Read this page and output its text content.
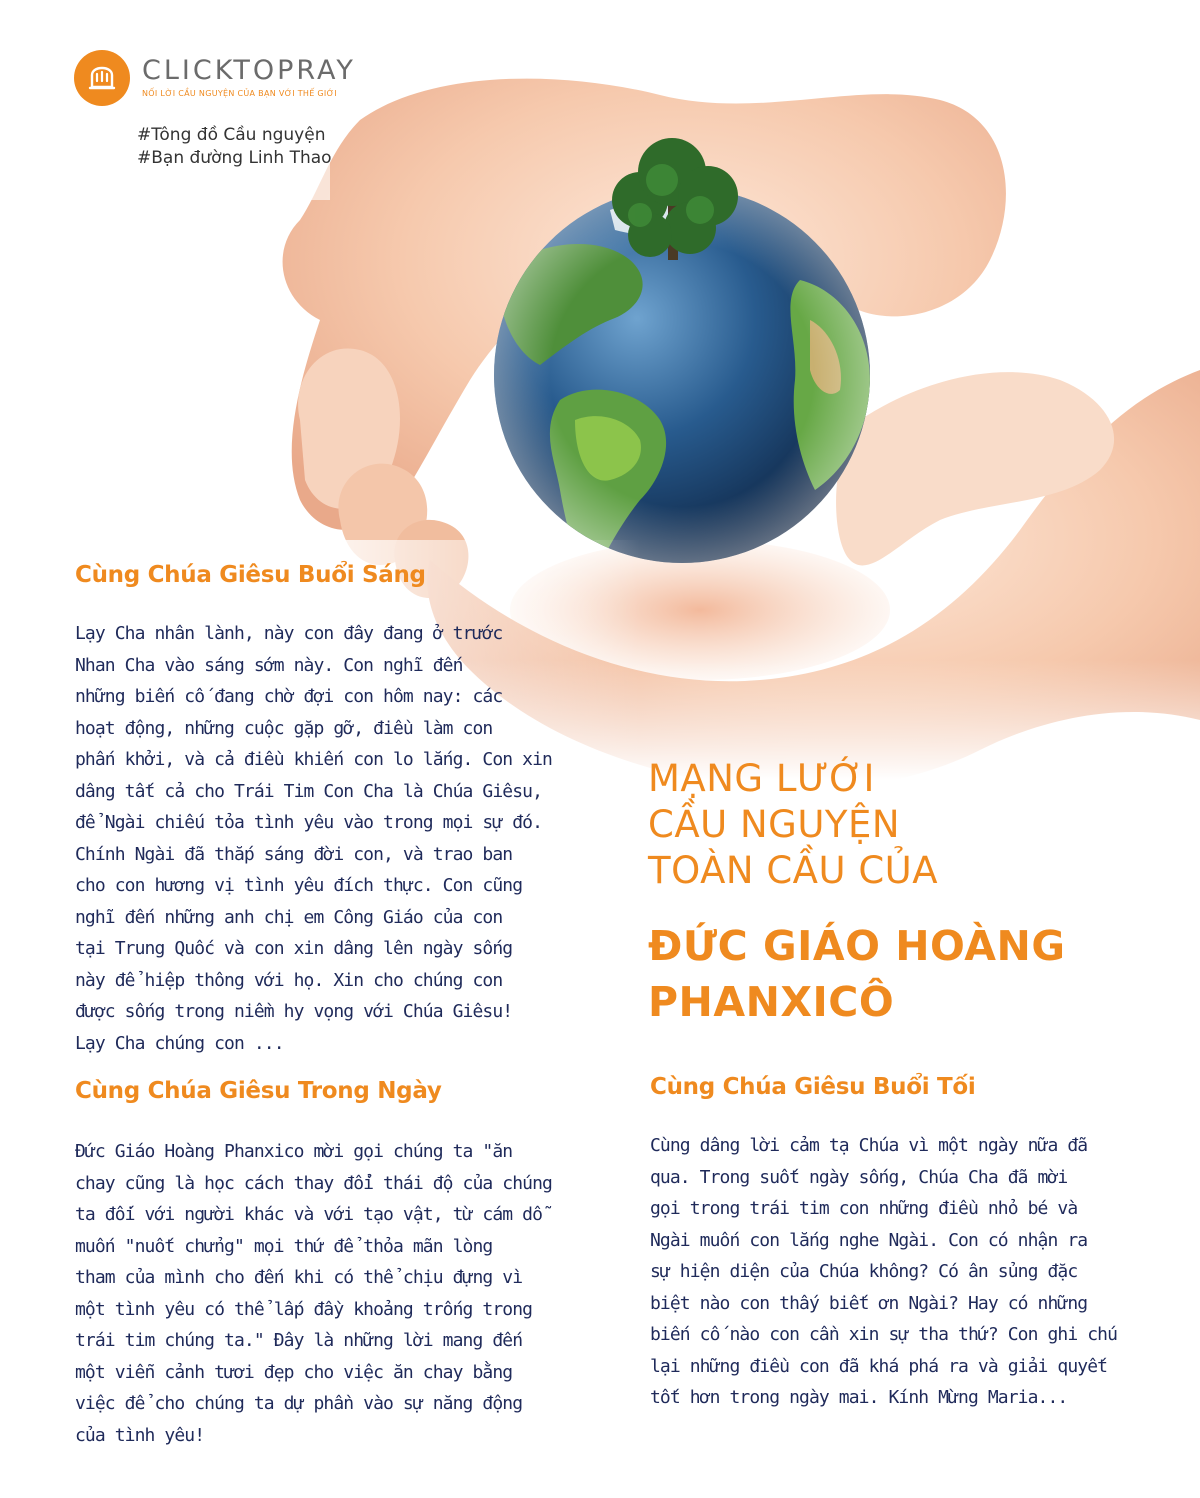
CLICKTOPRAY
NỐI LỜI CẦU NGUYỆN CỦA BẠN VỚI THẾ GIỚI
#Tông đồ Cầu nguyện
#Bạn đường Linh Thao
Cùng Chúa Giêsu Buổi Sáng
Lạy Cha nhân lành, này con đây đang ở trước
Nhan Cha vào sáng sớm này. Con nghĩ đến
những biến cố đang chờ đợi con hôm nay: các
hoạt động, những cuộc gặp gỡ, điều làm con
phấn khởi, và cả điều khiến con lo lắng. Con xin
dâng tất cả cho Trái Tim Con Cha là Chúa Giêsu,
để Ngài chiếu tỏa tình yêu vào trong mọi sự đó.
Chính Ngài đã thắp sáng đời con, và trao ban
cho con hương vị tình yêu đích thực. Con cũng
nghĩ đến những anh chị em Công Giáo của con
tại Trung Quốc và con xin dâng lên ngày sống
này để hiệp thông với họ. Xin cho chúng con
được sống trong niềm hy vọng với Chúa Giêsu!
Lạy Cha chúng con ...
Cùng Chúa Giêsu Trong Ngày
Đức Giáo Hoàng Phanxico mời gọi chúng ta "ăn
chay cũng là học cách thay đổi thái độ của chúng
ta đối với người khác và với tạo vật, từ cám dỗ
muốn "nuốt chửng" mọi thứ để thỏa mãn lòng
tham của mình cho đến khi có thể chịu đựng vì
một tình yêu có thể lấp đầy khoảng trống trong
trái tim chúng ta." Đây là những lời mang đến
một viễn cảnh tươi đẹp cho việc ăn chay bằng
việc để cho chúng ta dự phần vào sự năng động
của tình yêu!
MẠNG LƯỚI
CẦU NGUYỆN
TOÀN CẦU CỦA
ĐỨC GIÁO HOÀNG
PHANXICÔ
Cùng Chúa Giêsu Buổi Tối
Cùng dâng lời cảm tạ Chúa vì một ngày nữa đã
qua. Trong suốt ngày sống, Chúa Cha đã mời
gọi trong trái tim con những điều nhỏ bé và
Ngài muốn con lắng nghe Ngài. Con có nhận ra
sự hiện diện của Chúa không? Có ân sủng đặc
biệt nào con thấy biết ơn Ngài? Hay có những
biến cố nào con cần xin sự tha thứ? Con ghi chú
lại những điều con đã khá phá ra và giải quyết
tốt hơn trong ngày mai. Kính Mừng Maria...
